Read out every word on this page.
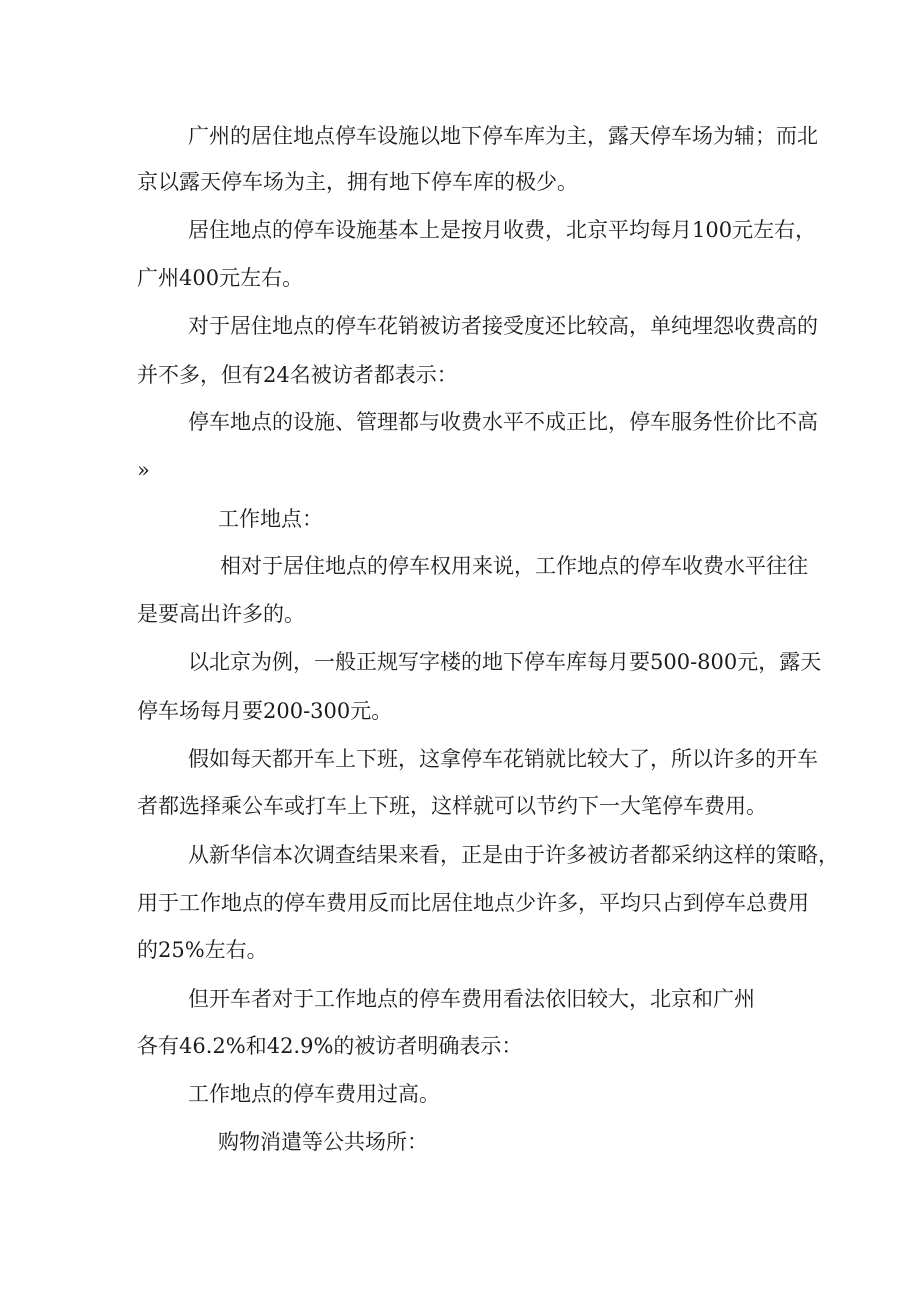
广州的居住地点停车设施以地下停车库为主，露天停车场为辅；而北

京以露天停车场为主，拥有地下停车库的极少。

居住地点的停车设施基本上是按月收费，北京平均每月100元左右，

广州400元左右。

对于居住地点的停车花销被访者接受度还比较高，单纯埋怨收费高的

并不多，但有24名被访者都表示：

停车地点的设施、管理都与收费水平不成正比，停车服务性价比不高

»

工作地点：

相对于居住地点的停车权用来说，工作地点的停车收费水平往往

是要高出许多的。

以北京为例，一般正规写字楼的地下停车库每月要500-800元，露天

停车场每月要200-300元。

假如每天都开车上下班，这拿停车花销就比较大了，所以许多的开车

者都选择乘公车或打车上下班，这样就可以节约下一大笔停车费用。

从新华信本次调查结果来看，正是由于许多被访者都采纳这样的策略，

用于工作地点的停车费用反而比居住地点少许多，平均只占到停车总费用

的25%左右。

但开车者对于工作地点的停车费用看法依旧较大，北京和广州

各有46.2%和42.9%的被访者明确表示：

工作地点的停车费用过高。

购物消遣等公共场所：
